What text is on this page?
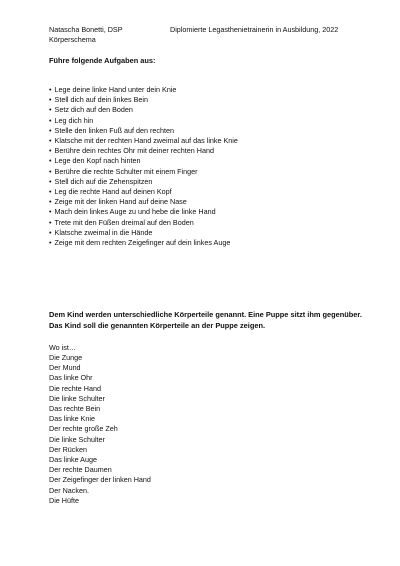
Natascha Bonetti, DSP
Körperschema
Diplomierte Legasthenietrainerin in Ausbildung, 2022
Führe folgende Aufgaben aus:
• Lege deine linke Hand unter dein Knie
• Stell dich auf dein linkes Bein
• Setz dich auf den Boden
• Leg dich hin
• Stelle den linken Fuß auf den rechten
• Klatsche mit der rechten Hand zweimal auf das linke Knie
• Berühre dein rechtes Ohr mit deiner rechten Hand
• Lege den Kopf nach hinten
• Berühre die rechte Schulter mit einem Finger
• Stell dich auf die Zehenspitzen
• Leg die rechte Hand auf deinen Kopf
• Zeige mit der linken Hand auf deine Nase
• Mach dein linkes Auge zu und hebe die linke Hand
• Trete mit den Füßen dreimal auf den Boden
• Klatsche zweimal in die Hände
• Zeige mit dem rechten Zeigefinger auf dein linkes Auge
Dem Kind werden unterschiedliche Körperteile genannt. Eine Puppe sitzt ihm gegenüber. Das Kind soll die genannten Körperteile an der Puppe zeigen.
Wo ist…
Die Zunge
Der Mund
Das linke Ohr
Die rechte Hand
Die linke Schulter
Das rechte Bein
Das linke Knie
Der rechte große Zeh
Die linke Schulter
Der Rücken
Das linke Auge
Der rechte Daumen
Der Zeigefinger der linken Hand
Der Nacken.
Die Hüfte
